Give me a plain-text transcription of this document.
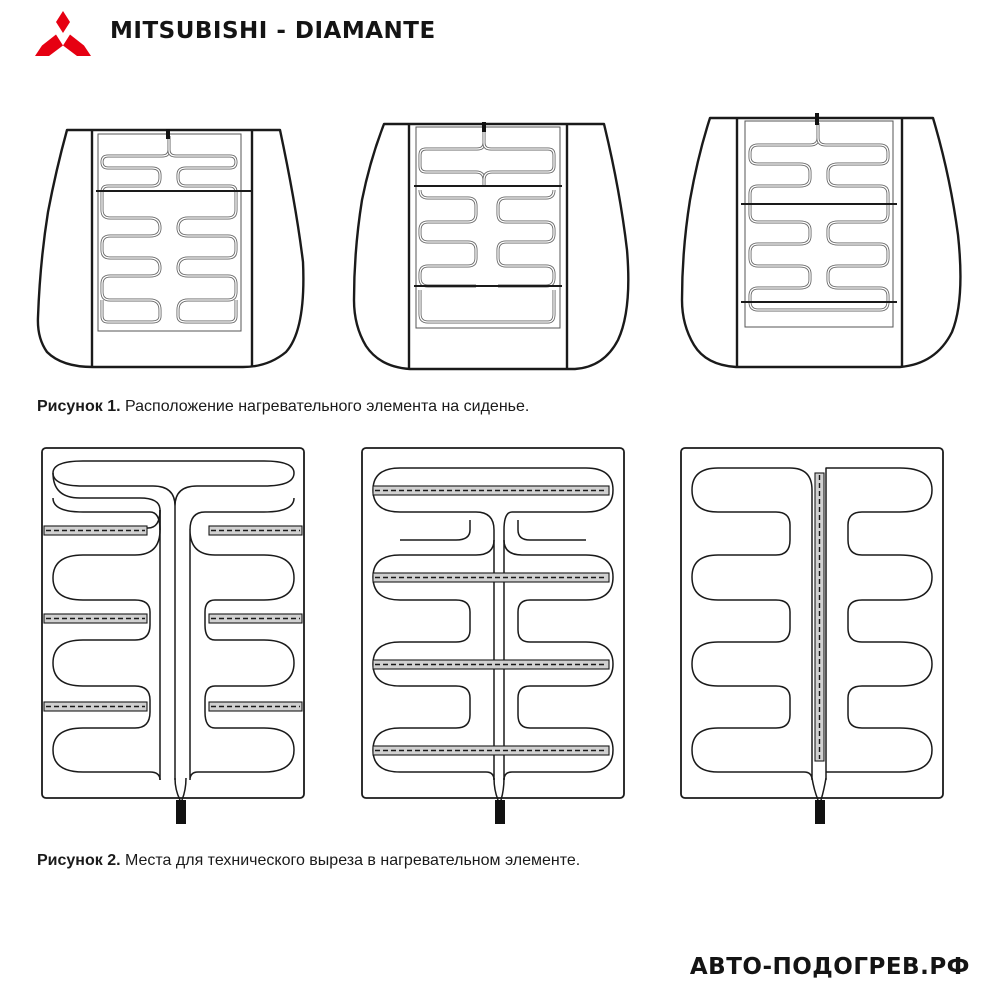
MITSUBISHI - DIAMANTE
Рисунок 1. Расположение нагревательного элемента на сиденье.
Рисунок 2. Места для технического выреза в нагревательном элементе.
АВТО-ПОДОГРЕВ.РФ
